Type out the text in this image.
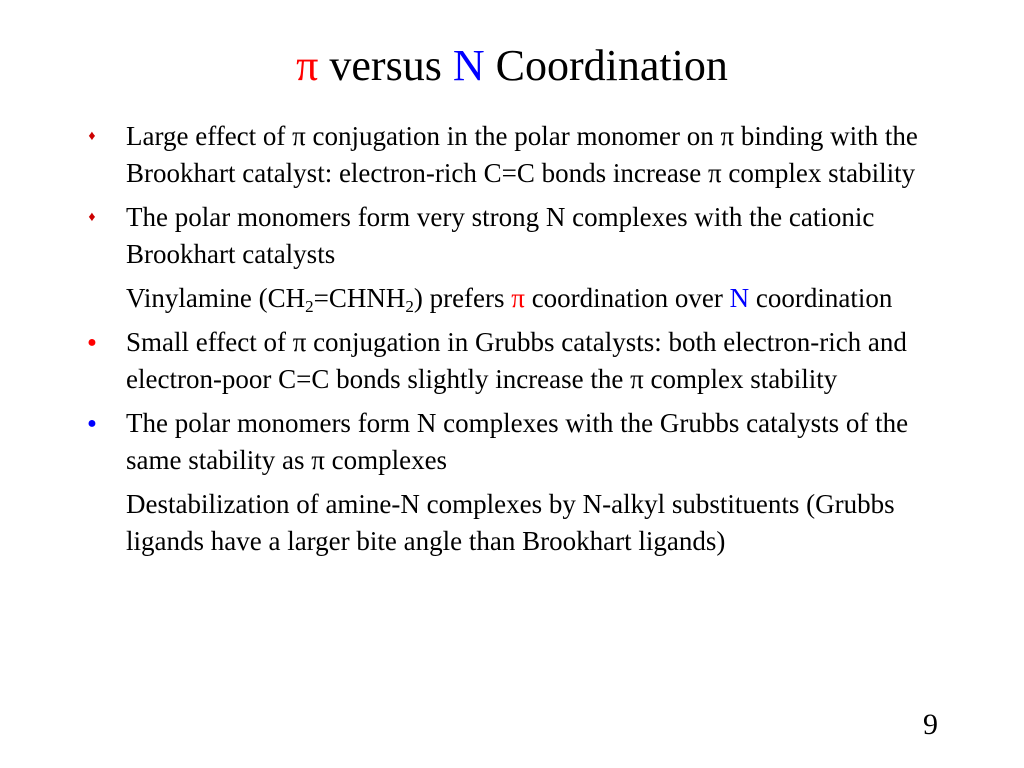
π versus N Coordination
♦ Large effect of π conjugation in the polar monomer on π binding with the Brookhart catalyst: electron-rich C=C bonds increase π complex stability
♦ The polar monomers form very strong N complexes with the cationic Brookhart catalysts
Vinylamine $(CH_2=CHNH_2)$ prefers π coordination over N coordination
● Small effect of π conjugation in Grubbs catalysts: both electron-rich and electron-poor C=C bonds slightly increase the π complex stability
● The polar monomers form N complexes with the Grubbs catalysts of the same stability as π complexes
Destabilization of amine-N complexes by N-alkyl substituents (Grubbs ligands have a larger bite angle than Brookhart ligands)
9
